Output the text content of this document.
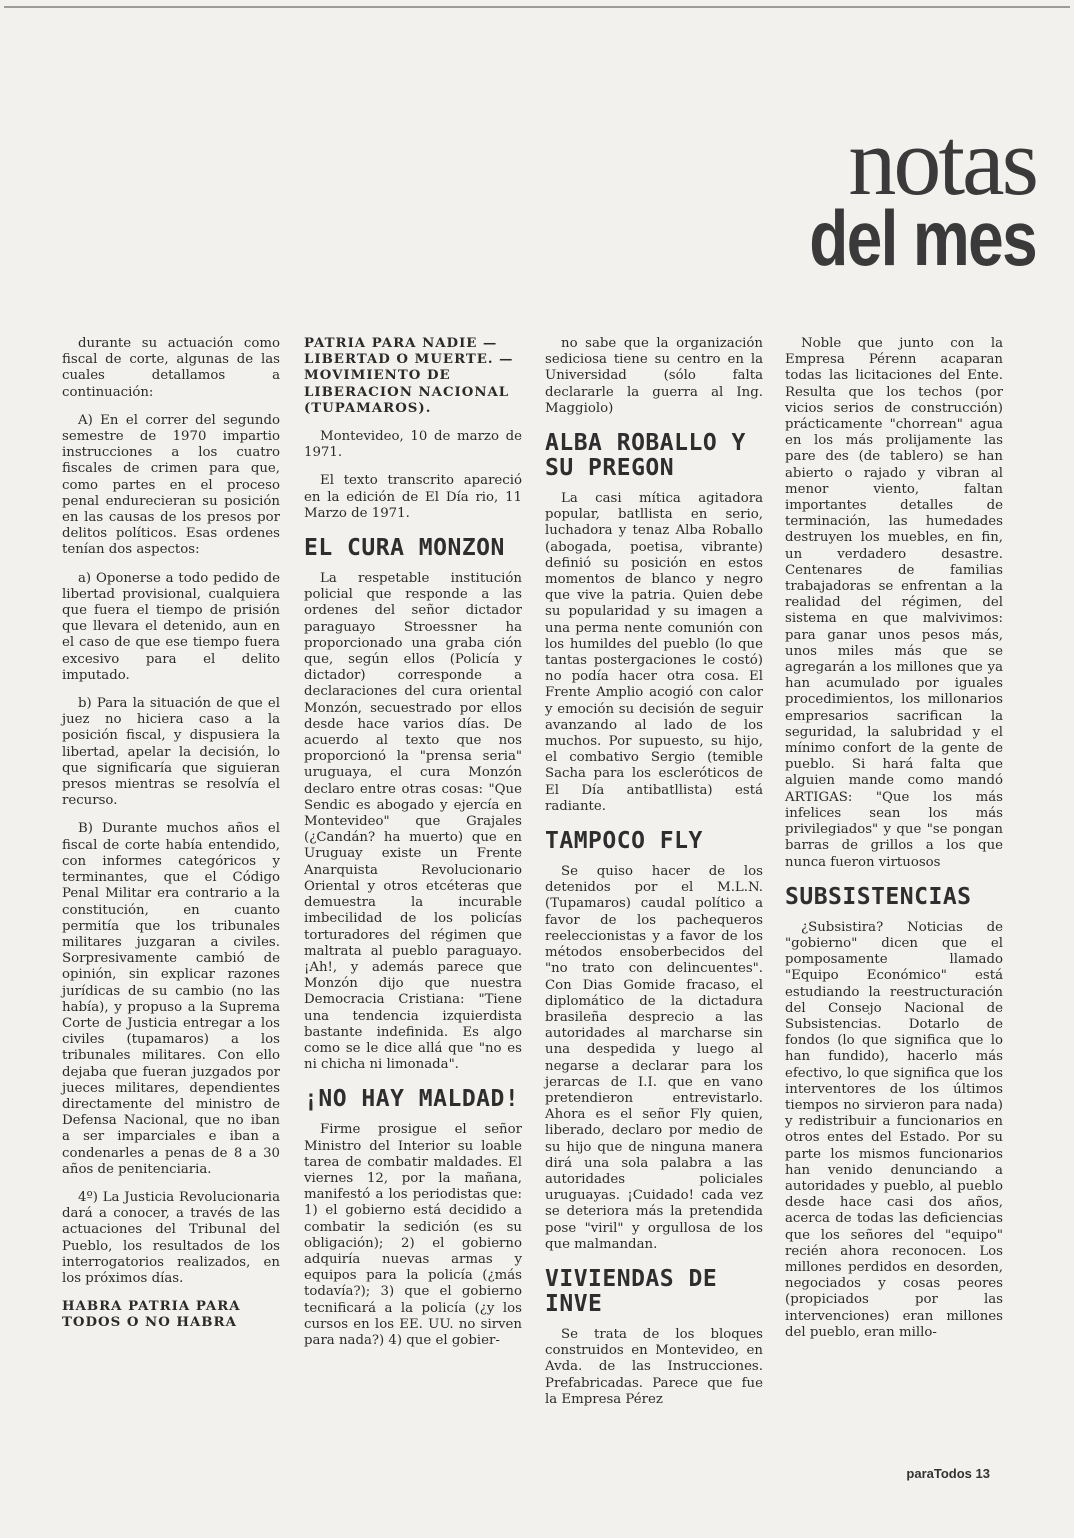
notas
del mes

durante su actuación como fiscal de corte, algunas de las cuales detallamos a continuación:

A) En el correr del segundo semestre de 1970 impartio instrucciones a los cuatro fiscales de crimen para que, como partes en el proceso penal endurecieran su posición en las causas de los presos por delitos políticos. Esas ordenes tenían dos aspectos:

a) Oponerse a todo pedido de libertad provisional, cualquiera que fuera el tiempo de prisión que llevara el detenido, aun en el caso de que ese tiempo fuera excesivo para el delito imputado.

b) Para la situación de que el juez no hiciera caso a la posición fiscal, y dispusiera la libertad, apelar la decisión, lo que significaría que siguieran presos mientras se resolvía el recurso.

B) Durante muchos años el fiscal de corte había entendido, con informes categóricos y terminantes, que el Código Penal Militar era contrario a la constitución, en cuanto permitía que los tribunales militares juzgaran a civiles. Sorpresivamente cambió de opinión, sin explicar razones jurídicas de su cambio (no las había), y propuso a la Suprema Corte de Justicia entregar a los civiles (tupamaros) a los tribunales militares. Con ello dejaba que fueran juzgados por jueces militares, dependientes directamente del ministro de Defensa Nacional, que no iban a ser imparciales e iban a condenarles a penas de 8 a 30 años de penitenciaria.

4º) La Justicia Revolucionaria dará a conocer, a través de las actuaciones del Tribunal del Pueblo, los resultados de los interrogatorios realizados, en los próximos días.

HABRA PATRIA PARA TODOS O NO HABRA

PATRIA PARA NADIE — LIBERTAD O MUERTE. — MOVIMIENTO DE LIBERACION NACIONAL (TUPAMAROS).

Montevideo, 10 de marzo de 1971.

El texto transcrito apareció en la edición de El Día rio, 11 Marzo de 1971.

EL CURA MONZON

La respetable institución policial que responde a las ordenes del señor dictador paraguayo Stroessner ha proporcionado una graba ción que, según ellos (Policía y dictador) corresponde a declaraciones del cura oriental Monzón, secuestrado por ellos desde hace varios días. De acuerdo al texto que nos proporcionó la "prensa seria" uruguaya, el cura Monzón declaro entre otras cosas: "Que Sendic es abogado y ejercía en Montevideo" que Grajales (¿Candán? ha muerto) que en Uruguay existe un Frente Anarquista Revolucionario Oriental y otros etcéteras que demuestra la incurable imbecilidad de los policías torturadores del régimen que maltrata al pueblo paraguayo. ¡Ah!, y además parece que Monzón dijo que nuestra Democracia Cristiana: "Tiene una tendencia izquierdista bastante indefinida. Es algo como se le dice allá que "no es ni chicha ni limonada".

¡NO HAY MALDAD!

Firme prosigue el señor Ministro del Interior su loable tarea de combatir maldades. El viernes 12, por la mañana, manifestó a los periodistas que: 1) el gobierno está decidido a combatir la sedición (es su obligación); 2) el gobierno adquiría nuevas armas y equipos para la policía (¿más todavía?); 3) que el gobierno tecnificará a la policía (¿y los cursos en los EE. UU. no sirven para nada?) 4) que el gobier-

no sabe que la organización sediciosa tiene su centro en la Universidad (sólo falta declararle la guerra al Ing. Maggiolo)

ALBA ROBALLO Y SU PREGON

La casi mítica agitadora popular, batllista en serio, luchadora y tenaz Alba Roballo (abogada, poetisa, vibrante) definió su posición en estos momentos de blanco y negro que vive la patria. Quien debe su popularidad y su imagen a una perma nente comunión con los humildes del pueblo (lo que tantas postergaciones le costó) no podía hacer otra cosa. El Frente Amplio acogió con calor y emoción su decisión de seguir avanzando al lado de los muchos. Por supuesto, su hijo, el combativo Sergio (temible Sacha para los escleróticos de El Día antibatllista) está radiante.

TAMPOCO FLY

Se quiso hacer de los detenidos por el M.L.N. (Tupamaros) caudal político a favor de los pachequeros reeleccionistas y a favor de los métodos ensoberbecidos del "no trato con delincuentes". Con Dias Gomide fracaso, el diplomático de la dictadura brasileña desprecio a las autoridades al marcharse sin una despedida y luego al negarse a declarar para los jerarcas de I.I. que en vano pretendieron entrevistarlo. Ahora es el señor Fly quien, liberado, declaro por medio de su hijo que de ninguna manera dirá una sola palabra a las autoridades policiales uruguayas. ¡Cuidado! cada vez se deteriora más la pretendida pose "viril" y orgullosa de los que malmandan.

VIVIENDAS DE INVE

Se trata de los bloques construidos en Montevideo, en Avda. de las Instrucciones. Prefabricadas. Parece que fue la Empresa Pérez

Noble que junto con la Empresa Pérenn acaparan todas las licitaciones del Ente. Resulta que los techos (por vicios serios de construcción) prácticamente "chorrean" agua en los más prolijamente las pare des (de tablero) se han abierto o rajado y vibran al menor viento, faltan importantes detalles de terminación, las humedades destruyen los muebles, en fin, un verdadero desastre. Centenares de familias trabajadoras se enfrentan a la realidad del régimen, del sistema en que malvivimos: para ganar unos pesos más, unos miles más que se agregarán a los millones que ya han acumulado por iguales procedimientos, los millonarios empresarios sacrifican la seguridad, la salubridad y el mínimo confort de la gente de pueblo. Si hará falta que alguien mande como mandó ARTIGAS: "Que los más infelices sean los más privilegiados" y que "se pongan barras de grillos a los que nunca fueron virtuosos

SUBSISTENCIAS

¿Subsistira? Noticias de "gobierno" dicen que el pomposamente llamado "Equipo Económico" está estudiando la reestructuración del Consejo Nacional de Subsistencias. Dotarlo de fondos (lo que significa que lo han fundido), hacerlo más efectivo, lo que significa que los interventores de los últimos tiempos no sirvieron para nada) y redistribuir a funcionarios en otros entes del Estado. Por su parte los mismos funcionarios han venido denunciando a autoridades y pueblo, al pueblo desde hace casi dos años, acerca de todas las deficiencias que los señores del "equipo" recién ahora reconocen. Los millones perdidos en desorden, negociados y cosas peores (propiciados por las intervenciones) eran millones del pueblo, eran millo-

paraTodos 13
